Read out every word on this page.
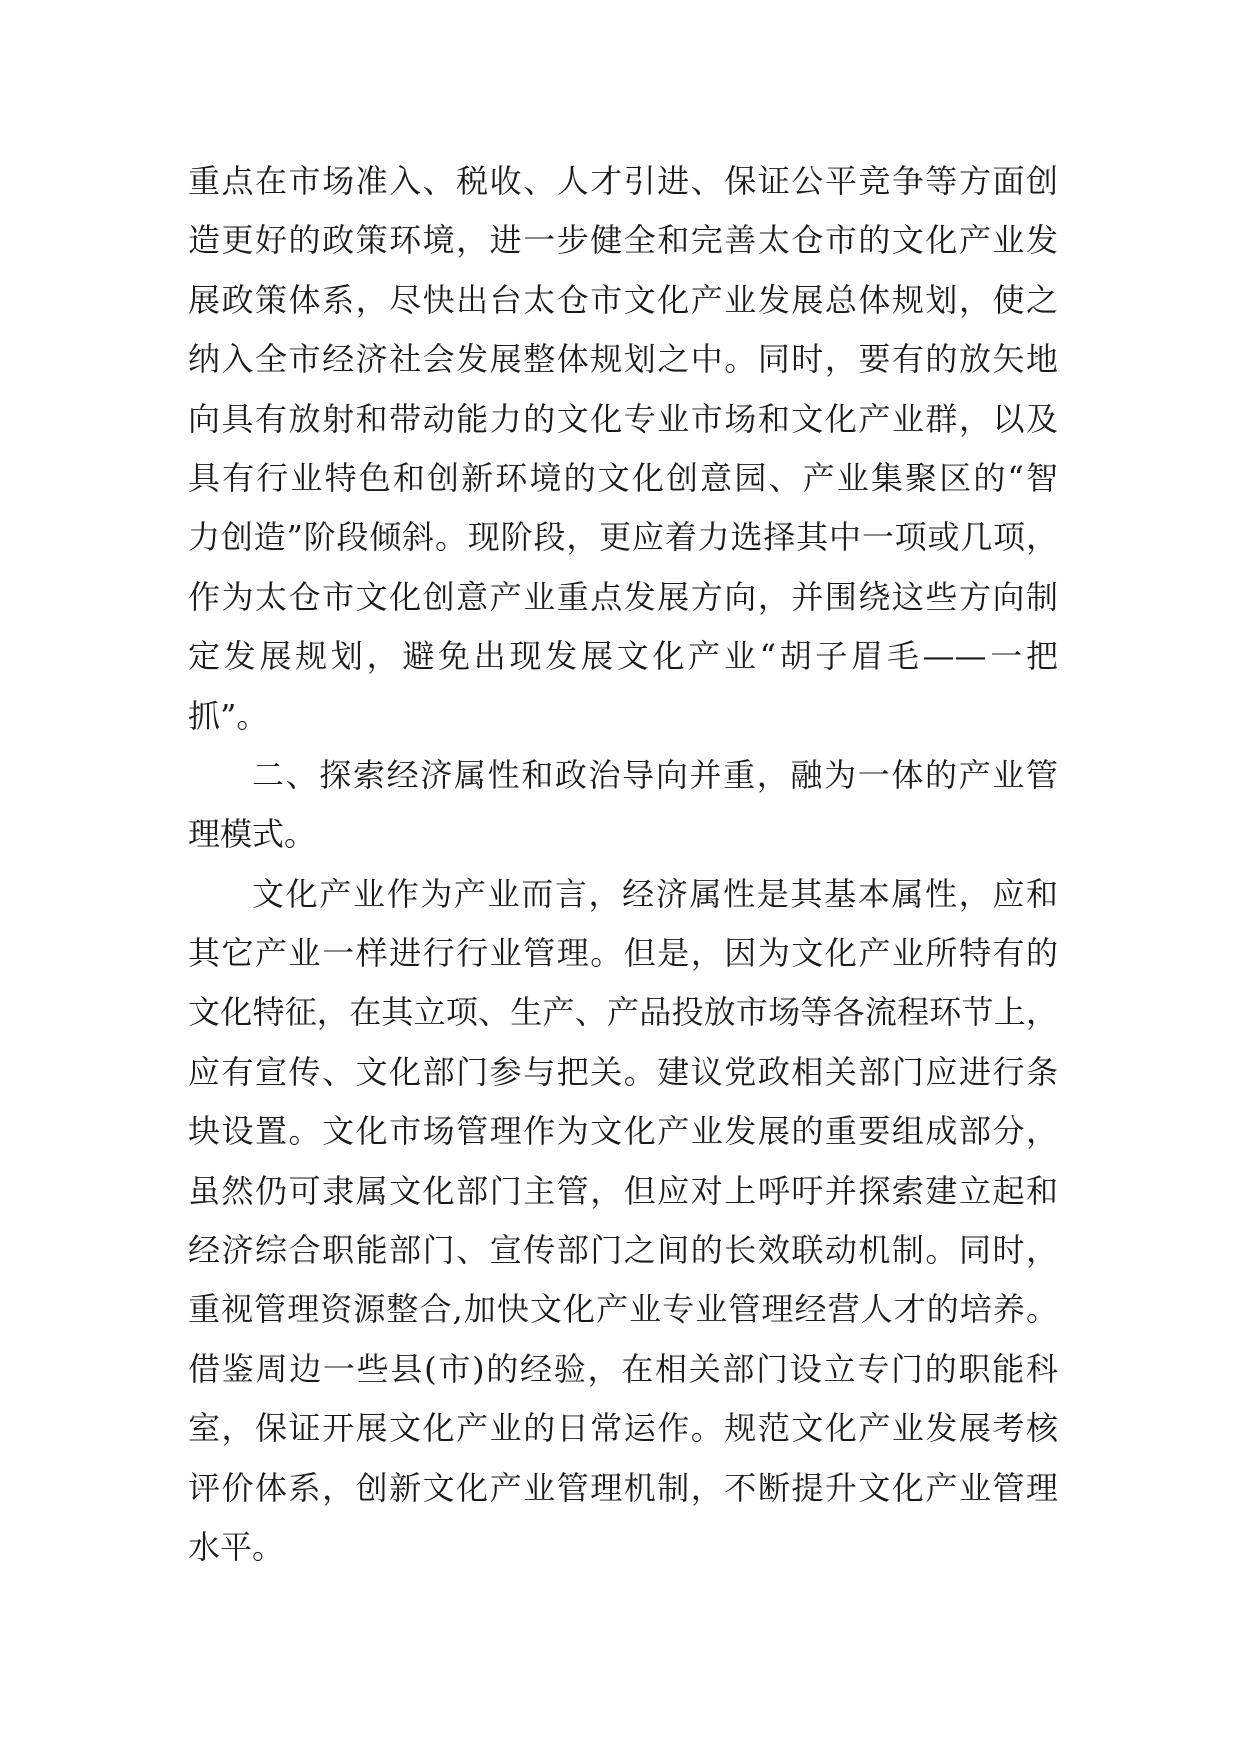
重点在市场准入、税收、人才引进、保证公平竞争等方面创
造更好的政策环境，进一步健全和完善太仓市的文化产业发
展政策体系，尽快出台太仓市文化产业发展总体规划，使之
纳入全市经济社会发展整体规划之中。同时，要有的放矢地
向具有放射和带动能力的文化专业市场和文化产业群，以及
具有行业特色和创新环境的文化创意园、产业集聚区的“智
力创造”阶段倾斜。现阶段，更应着力选择其中一项或几项，
作为太仓市文化创意产业重点发展方向，并围绕这些方向制
定发展规划，避免出现发展文化产业“胡子眉毛——一把
抓”。
二、探索经济属性和政治导向并重，融为一体的产业管
理模式。
文化产业作为产业而言，经济属性是其基本属性，应和
其它产业一样进行行业管理。但是，因为文化产业所特有的
文化特征，在其立项、生产、产品投放市场等各流程环节上，
应有宣传、文化部门参与把关。建议党政相关部门应进行条
块设置。文化市场管理作为文化产业发展的重要组成部分，
虽然仍可隶属文化部门主管，但应对上呼吁并探索建立起和
经济综合职能部门、宣传部门之间的长效联动机制。同时，
重视管理资源整合,加快文化产业专业管理经营人才的培养。
借鉴周边一些县(市)的经验，在相关部门设立专门的职能科
室，保证开展文化产业的日常运作。规范文化产业发展考核
评价体系，创新文化产业管理机制，不断提升文化产业管理
水平。
